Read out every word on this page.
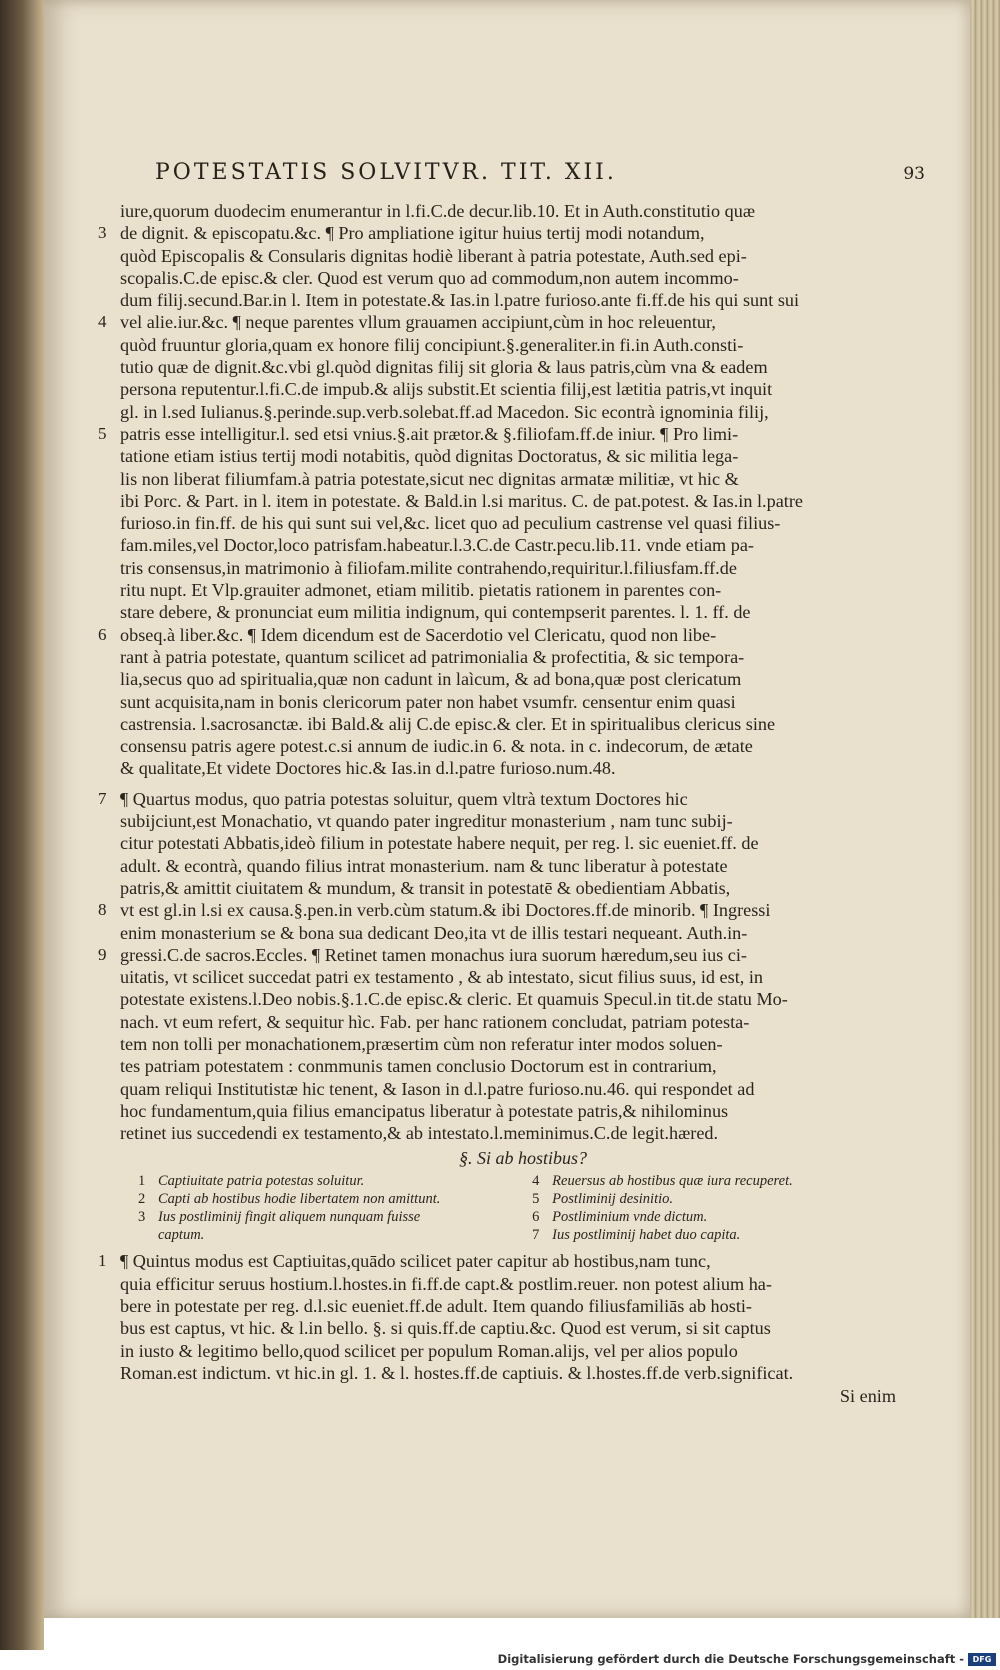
POTESTATIS SOLVITVR. TIT. XII.	93
iure,quorum duodecim enumerantur in l.fi.C.de decur.lib.10. Et in Auth.constitutio quæ
3 de dignit. & episcopatu.&c. ¶ Pro ampliatione igitur huius tertij modi notandum,
quòd Episcopalis & Consularis dignitas hodiè liberant à patria potestate, Auth.sed epi-
scopalis.C.de episc.& cler. Quod est verum quo ad commodum,non autem incommo-
dum filij.secund.Bar.in l. Item in potestate.& Ias.in l.patre furioso.ante fi.ff.de his qui sunt sui
4 vel alie.iur.&c. ¶ neque parentes vllum grauamen accipiunt,cùm in hoc releuentur,
quòd fruuntur gloria,quam ex honore filij concipiunt.§.generaliter.in fi.in Auth.consti-
tutio quæ de dignit.&c.vbi gl.quòd dignitas filij sit gloria & laus patris,cùm vna & eadem
persona reputentur.l.fi.C.de impub.& alijs substit.Et scientia filij,est lætitia patris,vt inquit
gl. in l.sed Iulianus.§.perinde.sup.verb.solebat.ff.ad Macedon. Sic econtrà ignominia filij,
5 patris esse intelligitur.l. sed etsi vnius.§.ait prætor.& §.filiofam.ff.de iniur. ¶ Pro limi-
tatione etiam istius tertij modi notabitis, quòd dignitas Doctoratus, & sic militia lega-
lis non liberat filiumfam.à patria potestate,sicut nec dignitas armatæ militiæ, vt hic &
ibi Porc. & Part. in l. item in potestate. & Bald.in l.si maritus. C. de pat.potest. & Ias.in l.patre
furioso.in fin.ff. de his qui sunt sui vel,&c. licet quo ad peculium castrense vel quasi filius-
fam.miles,vel Doctor,loco patrisfam.habeatur.l.3.C.de Castr.pecu.lib.11. vnde etiam pa-
tris consensus,in matrimonio à filiofam.milite contrahendo,requiritur.l.filiusfam.ff.de
ritu nupt. Et Vlp.grauiter admonet, etiam militib. pietatis rationem in parentes con-
stare debere, & pronunciat eum militia indignum, qui contempserit parentes. l. 1. ff. de
6 obseq.à liber.&c. ¶ Idem dicendum est de Sacerdotio vel Clericatu, quod non libe-
rant à patria potestate, quantum scilicet ad patrimonialia & profectitia, & sic tempora-
lia,secus quo ad spiritualia,quæ non cadunt in laìcum, & ad bona,quæ post clericatum
sunt acquisita,nam in bonis clericorum pater non habet vsumfr. censentur enim quasi
castrensia. l.sacrosanctæ. ibi Bald.& alij C.de episc.& cler. Et in spiritualibus clericus sine
consensu patris agere potest.c.si annum de iudic.in 6. & nota. in c. indecorum, de ætate
& qualitate,Et videte Doctores hic.& Ias.in d.l.patre furioso.num.48.
7 ¶ Quartus modus, quo patria potestas soluitur, quem vltrà textum Doctores hic
subijciunt,est Monachatio, vt quando pater ingreditur monasterium , nam tunc subij-
citur potestati Abbatis,ideò filium in potestate habere nequit, per reg. l. sic eueniet.ff. de
adult. & econtrà, quando filius intrat monasterium. nam & tunc liberatur à potestate
patris,& amittit ciuitatem & mundum, & transit in potestatē & obedientiam Abbatis,
8 vt est gl.in l.si ex causa.§.pen.in verb.cùm statum.& ibi Doctores.ff.de minorib. ¶ Ingressi
enim monasterium se & bona sua dedicant Deo,ita vt de illis testari nequeant. Auth.in-
9 gressi.C.de sacros.Eccles. ¶ Retinet tamen monachus iura suorum hæredum,seu ius ci-
uitatis, vt scilicet succedat patri ex testamento , & ab intestato, sicut filius suus, id est, in
potestate existens.l.Deo nobis.§.1.C.de episc.& cleric. Et quamuis Specul.in tit.de statu Mo-
nach. vt eum refert, & sequitur hìc. Fab. per hanc rationem concludat, patriam potesta-
tem non tolli per monachationem,præsertim cùm non referatur inter modos soluen-
tes patriam potestatem : conmmunis tamen conclusio Doctorum est in contrarium,
quam reliqui Institutistæ hic tenent, & Iason in d.l.patre furioso.nu.46. qui respondet ad
hoc fundamentum,quia filius emancipatus liberatur à potestate patris,& nihilominus
retinet ius succedendi ex testamento,& ab intestato.l.meminimus.C.de legit.hæred.
§. Si ab hostibus?
1 Captiuitate patria potestas soluitur.
2 Capti ab hostibus hodie libertatem non amittunt.
3 Ius postliminij fingit aliquem nunquam fuisse
captum.
4 Reuersus ab hostibus quæ iura recuperet.
5 Postliminij desinitio.
6 Postliminium vnde dictum.
7 Ius postliminij habet duo capita.
1 ¶ Quintus modus est Captiuitas,quādo scilicet pater capitur ab hostibus,nam tunc,
quia efficitur seruus hostium.l.hostes.in fi.ff.de capt.& postlim.reuer. non potest alium ha-
bere in potestate per reg. d.l.sic eueniet.ff.de adult. Item quando filiusfamiliās ab hosti-
bus est captus, vt hic. & l.in bello. §. si quis.ff.de captiu.&c. Quod est verum, si sit captus
in iusto & legitimo bello,quod scilicet per populum Roman.alijs, vel per alios populo
Roman.est indictum. vt hic.in gl. 1. & l. hostes.ff.de captiuis. & l.hostes.ff.de verb.significat.
Si enim
Digitalisierung gefördert durch die Deutsche Forschungsgemeinschaft -	DFG
